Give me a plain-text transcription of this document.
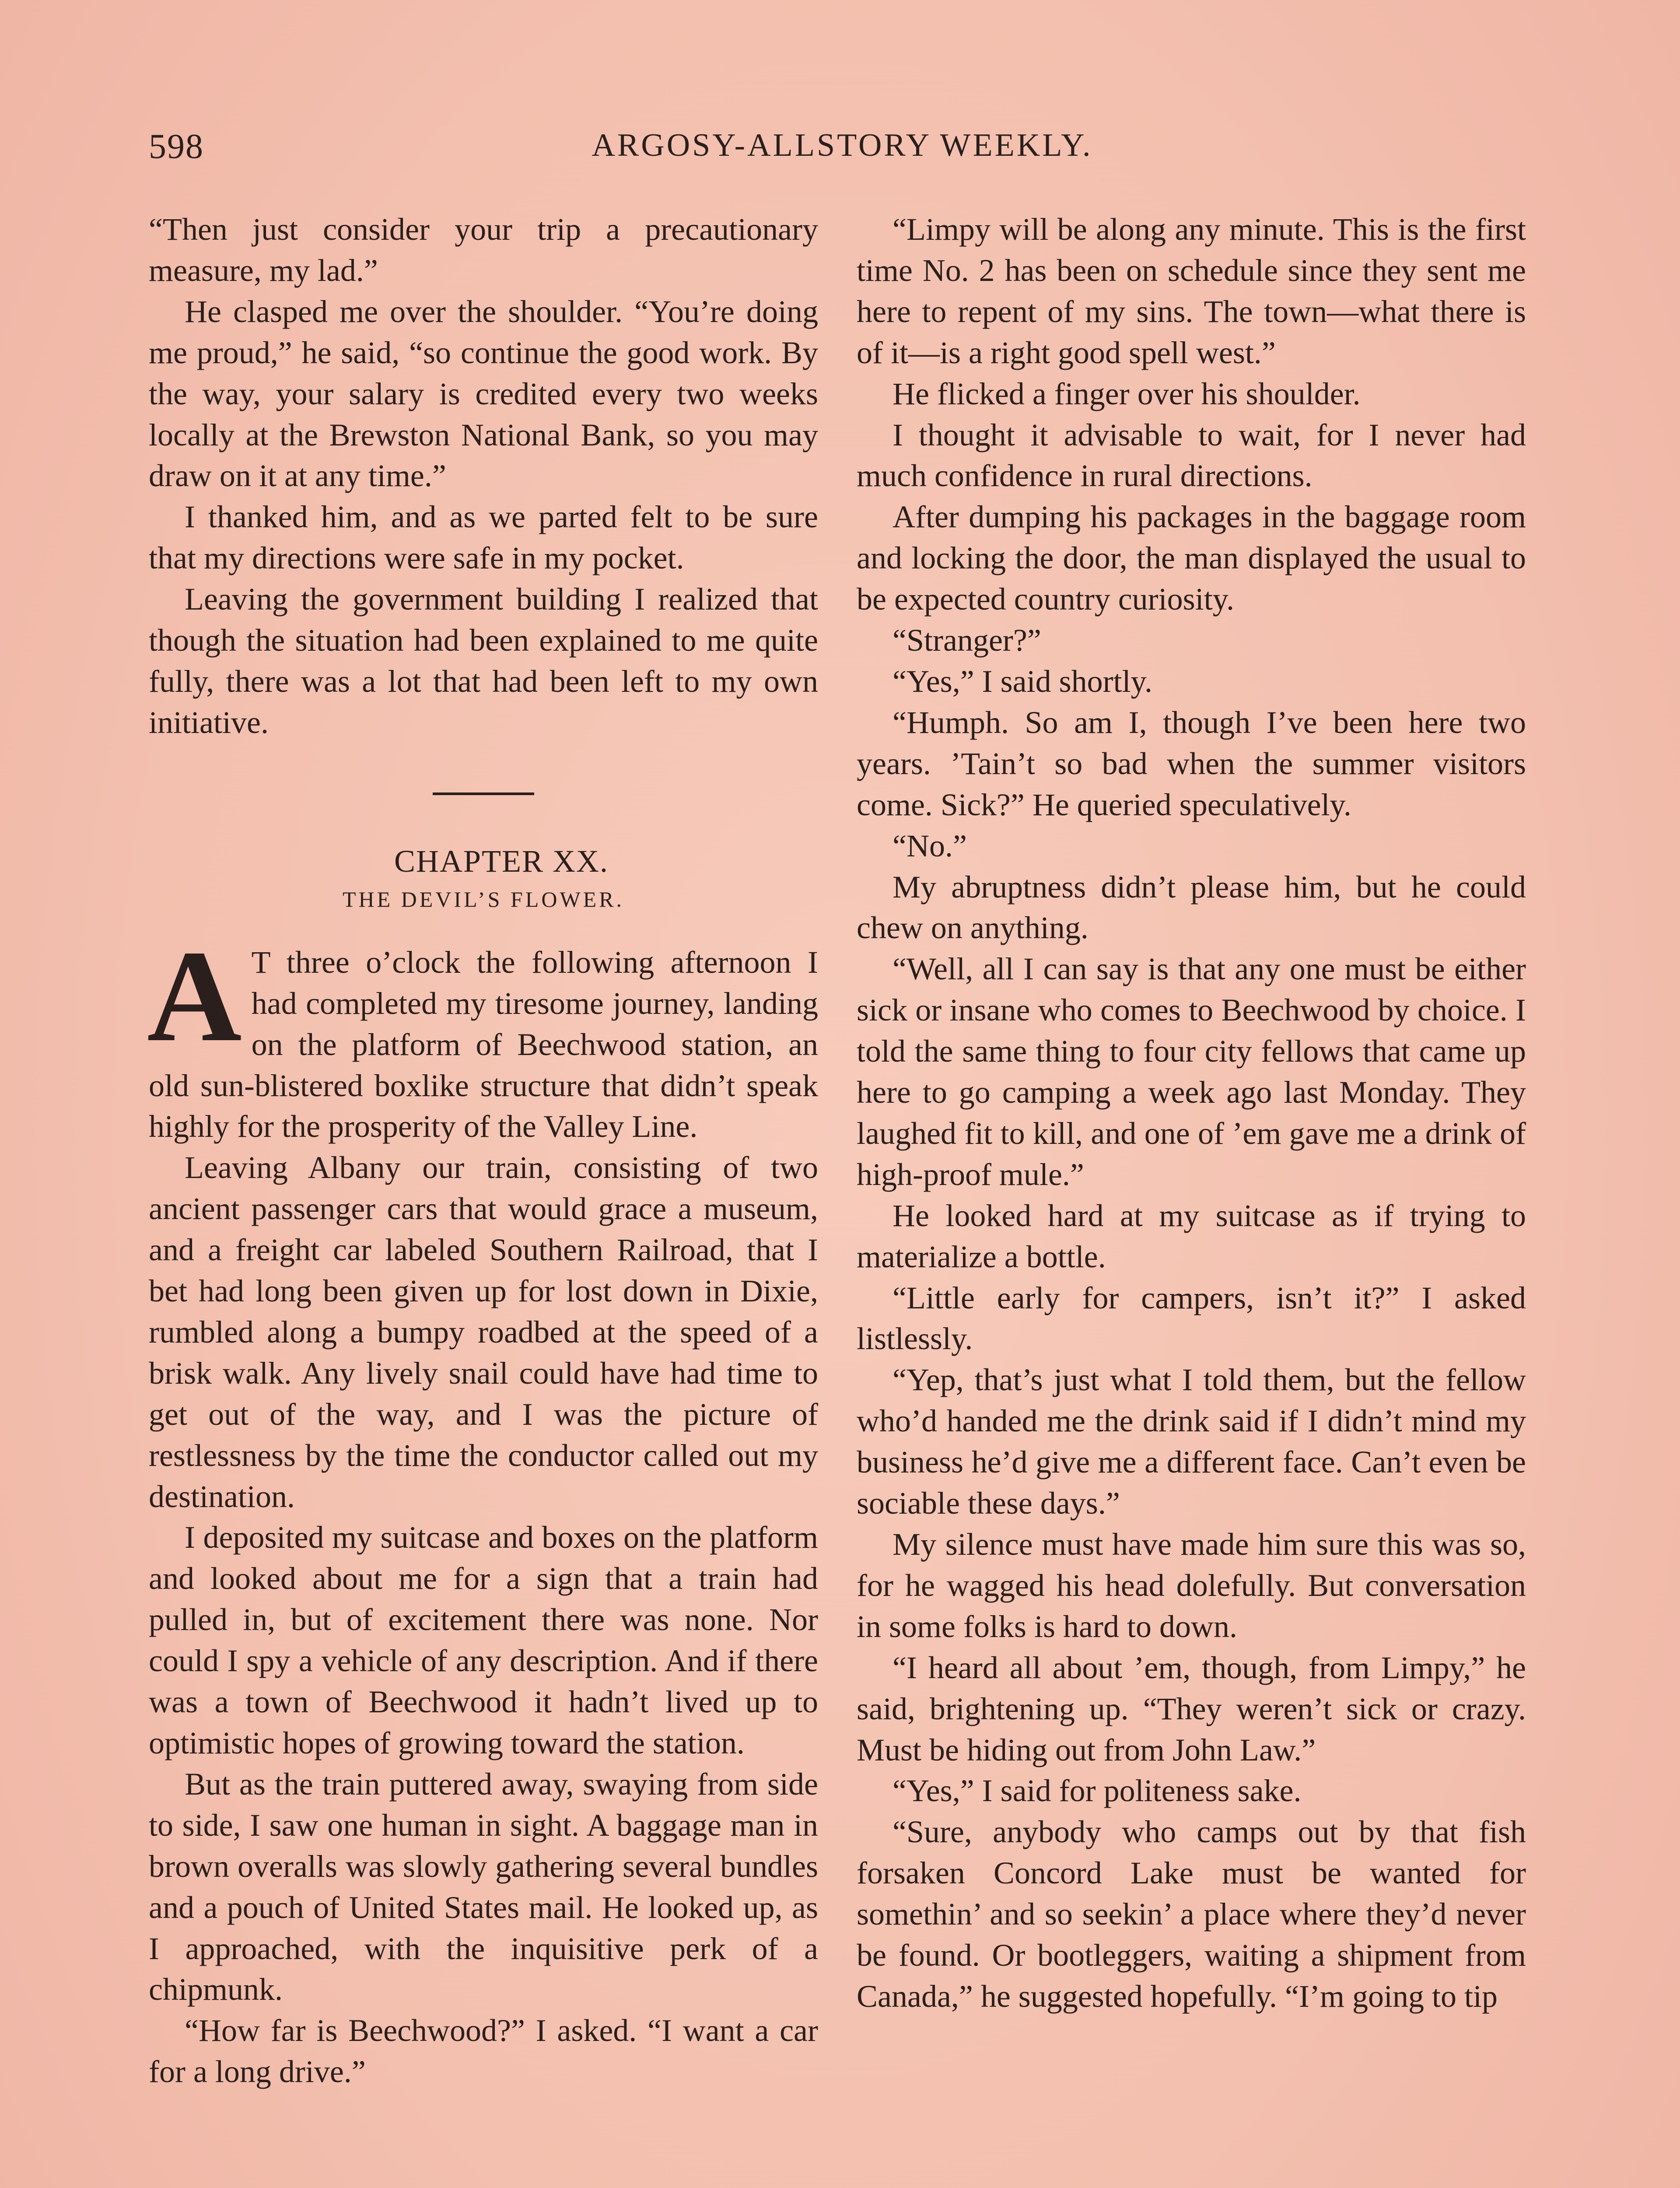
598	ARGOSY-ALLSTORY WEEKLY.

“Then just consider your trip a precautionary measure, my lad.”

He clasped me over the shoulder. “You’re doing me proud,” he said, “so continue the good work. By the way, your salary is credited every two weeks locally at the Brewston National Bank, so you may draw on it at any time.”

I thanked him, and as we parted felt to be sure that my directions were safe in my pocket.

Leaving the government building I realized that though the situation had been explained to me quite fully, there was a lot that had been left to my own initiative.

CHAPTER XX.

THE DEVIL’S FLOWER.

A T three o’clock the following afternoon I had completed my tiresome journey, landing on the platform of Beechwood station, an old sun-blistered boxlike structure that didn’t speak highly for the prosperity of the Valley Line.

Leaving Albany our train, consisting of two ancient passenger cars that would grace a museum, and a freight car labeled Southern Railroad, that I bet had long been given up for lost down in Dixie, rumbled along a bumpy roadbed at the speed of a brisk walk. Any lively snail could have had time to get out of the way, and I was the picture of restlessness by the time the conductor called out my destination.

I deposited my suitcase and boxes on the platform and looked about me for a sign that a train had pulled in, but of excitement there was none. Nor could I spy a vehicle of any description. And if there was a town of Beechwood it hadn’t lived up to optimistic hopes of growing toward the station.

But as the train puttered away, swaying from side to side, I saw one human in sight. A baggage man in brown overalls was slowly gathering several bundles and a pouch of United States mail. He looked up, as I approached, with the inquisitive perk of a chipmunk.

“How far is Beechwood?” I asked. “I want a car for a long drive.”

“Limpy will be along any minute. This is the first time No. 2 has been on schedule since they sent me here to repent of my sins. The town—what there is of it—is a right good spell west.”

He flicked a finger over his shoulder.

I thought it advisable to wait, for I never had much confidence in rural directions.

After dumping his packages in the baggage room and locking the door, the man displayed the usual to be expected country curiosity.

“Stranger?”

“Yes,” I said shortly.

“Humph. So am I, though I’ve been here two years. ’Tain’t so bad when the summer visitors come. Sick?” He queried speculatively.

“No.”

My abruptness didn’t please him, but he could chew on anything.

“Well, all I can say is that any one must be either sick or insane who comes to Beechwood by choice. I told the same thing to four city fellows that came up here to go camping a week ago last Monday. They laughed fit to kill, and one of ’em gave me a drink of high-proof mule.”

He looked hard at my suitcase as if trying to materialize a bottle.

“Little early for campers, isn’t it?” I asked listlessly.

“Yep, that’s just what I told them, but the fellow who’d handed me the drink said if I didn’t mind my business he’d give me a different face. Can’t even be sociable these days.”

My silence must have made him sure this was so, for he wagged his head dolefully. But conversation in some folks is hard to down.

“I heard all about ’em, though, from Limpy,” he said, brightening up. “They weren’t sick or crazy. Must be hiding out from John Law.”

“Yes,” I said for politeness sake.

“Sure, anybody who camps out by that fish forsaken Concord Lake must be wanted for somethin’ and so seekin’ a place where they’d never be found. Or bootleggers, waiting a shipment from Canada,” he suggested hopefully. “I’m going to tip
